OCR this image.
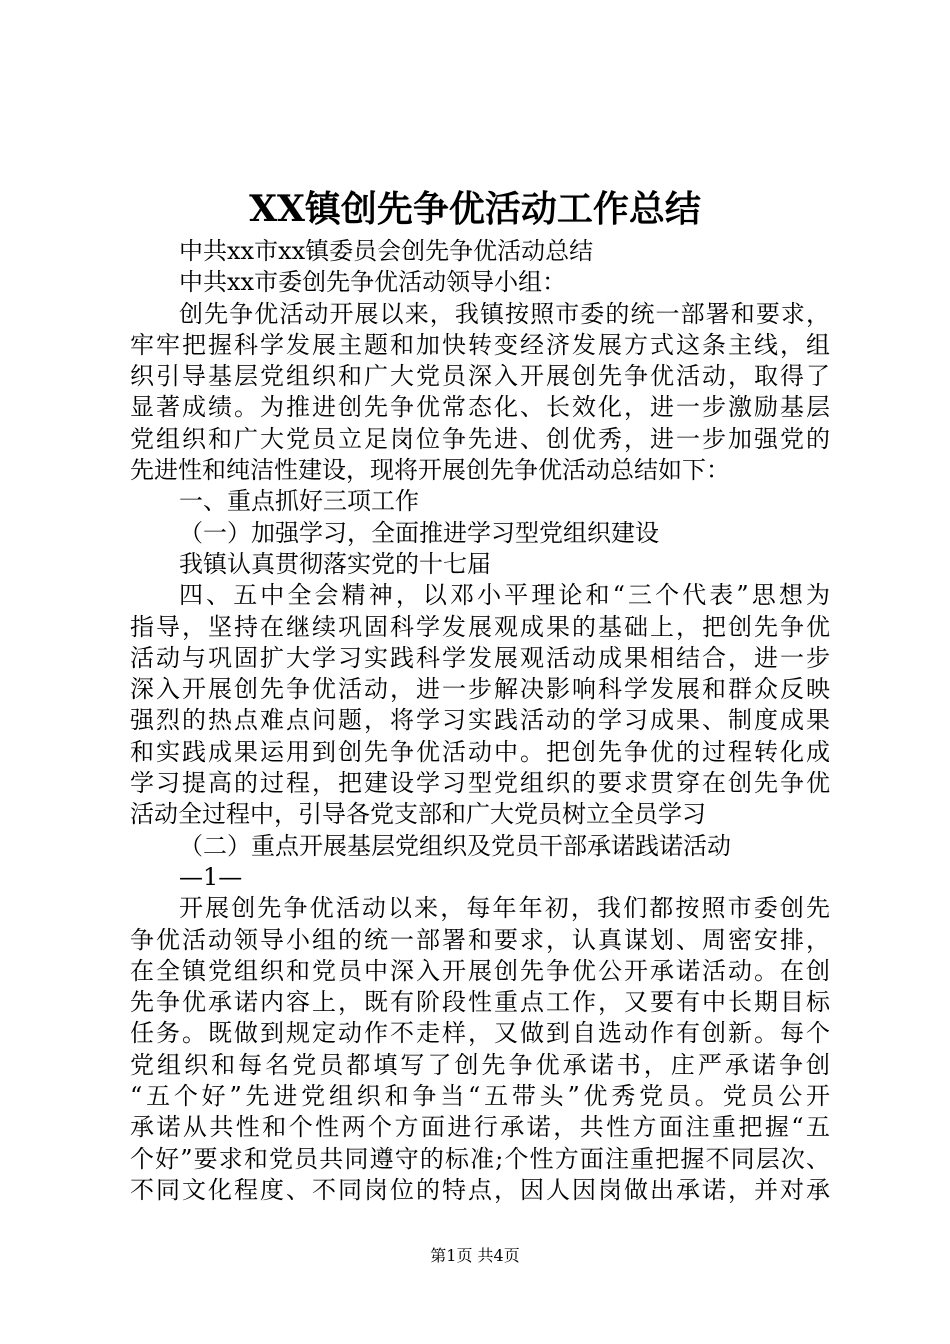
XX镇创先争优活动工作总结
中共xx市xx镇委员会创先争优活动总结
中共xx市委创先争优活动领导小组：
创先争优活动开展以来，我镇按照市委的统一部署和要求，
牢牢把握科学发展主题和加快转变经济发展方式这条主线，组
织引导基层党组织和广大党员深入开展创先争优活动，取得了
显著成绩。为推进创先争优常态化、长效化，进一步激励基层
党组织和广大党员立足岗位争先进、创优秀，进一步加强党的
先进性和纯洁性建设，现将开展创先争优活动总结如下：
一、重点抓好三项工作
（一）加强学习，全面推进学习型党组织建设
我镇认真贯彻落实党的十七届
四、五中全会精神，以邓小平理论和“三个代表”思想为
指导，坚持在继续巩固科学发展观成果的基础上，把创先争优
活动与巩固扩大学习实践科学发展观活动成果相结合，进一步
深入开展创先争优活动，进一步解决影响科学发展和群众反映
强烈的热点难点问题，将学习实践活动的学习成果、制度成果
和实践成果运用到创先争优活动中。把创先争优的过程转化成
学习提高的过程，把建设学习型党组织的要求贯穿在创先争优
活动全过程中，引导各党支部和广大党员树立全员学习
（二）重点开展基层党组织及党员干部承诺践诺活动
—1—
开展创先争优活动以来，每年年初，我们都按照市委创先
争优活动领导小组的统一部署和要求，认真谋划、周密安排，
在全镇党组织和党员中深入开展创先争优公开承诺活动。在创
先争优承诺内容上，既有阶段性重点工作，又要有中长期目标
任务。既做到规定动作不走样，又做到自选动作有创新。每个
党组织和每名党员都填写了创先争优承诺书，庄严承诺争创
“五个好”先进党组织和争当“五带头”优秀党员。党员公开
承诺从共性和个性两个方面进行承诺，共性方面注重把握“五
个好”要求和党员共同遵守的标准;个性方面注重把握不同层次、
不同文化程度、不同岗位的特点，因人因岗做出承诺，并对承
第1页 共4页
